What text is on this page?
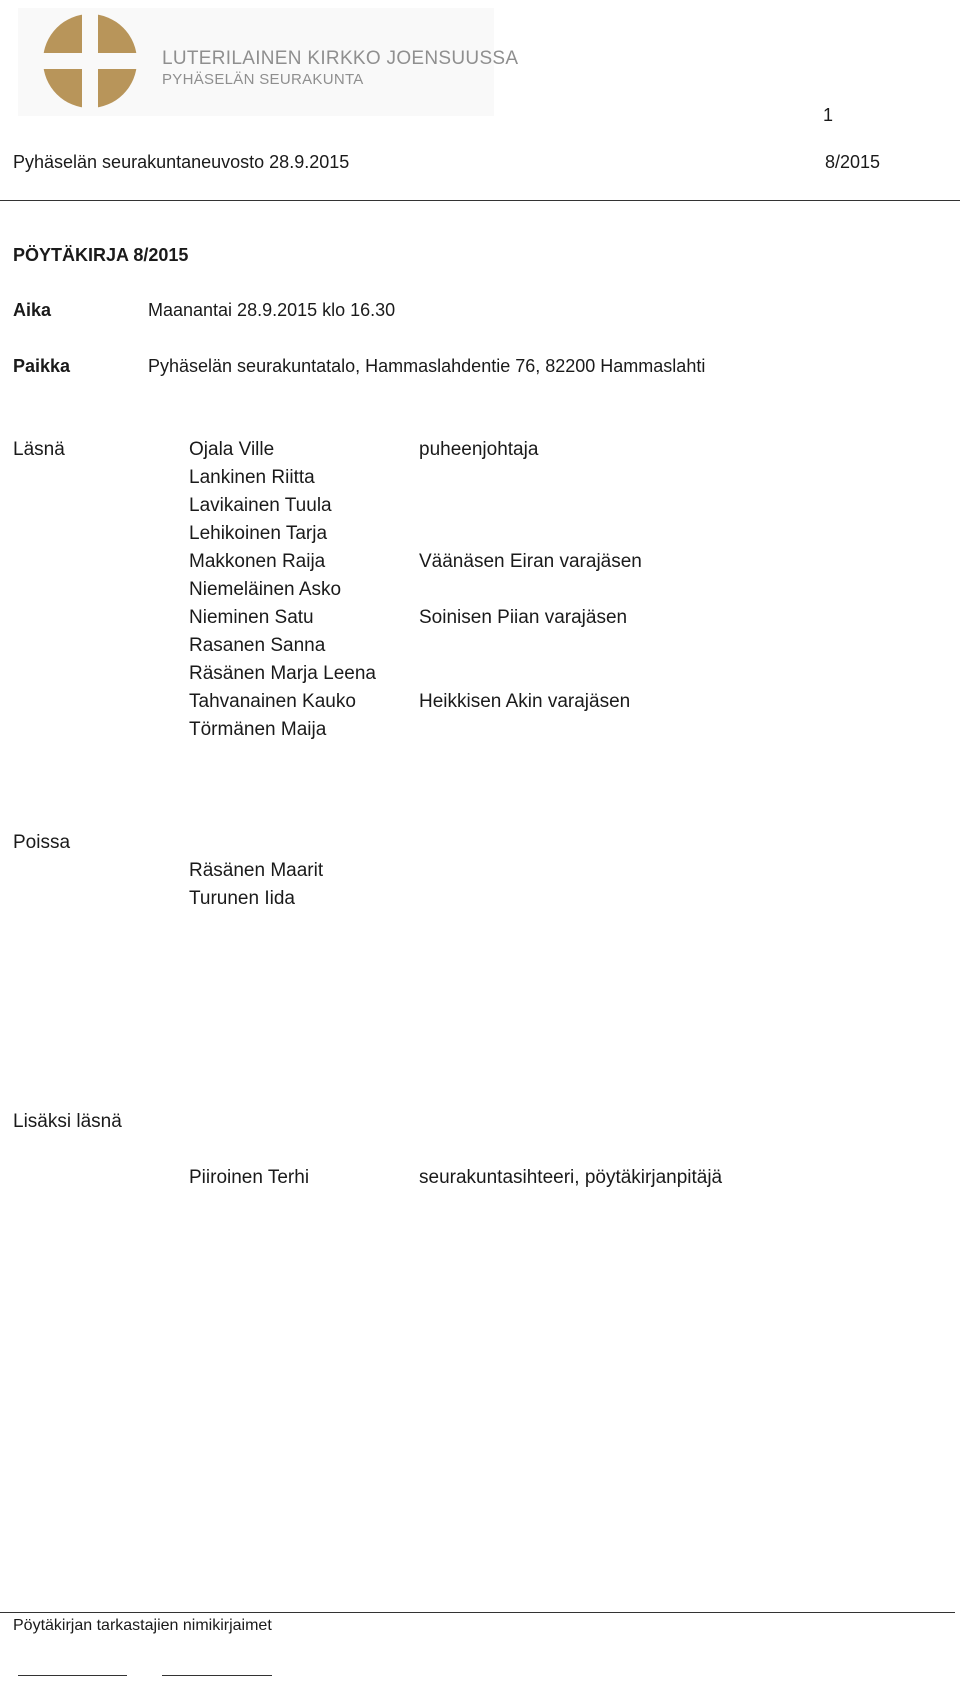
LUTERILAINEN KIRKKO JOENSUUSSA
PYHÄSELÄN SEURAKUNTA
1
Pyhäselän seurakuntaneuvosto 28.9.2015	8/2015
PÖYTÄKIRJA 8/2015
Aika	Maanantai 28.9.2015 klo 16.30
Paikka	Pyhäselän seurakuntatalo, Hammaslahdentie 76, 82200 Hammaslahti
Läsnä	Ojala Ville	puheenjohtaja
Lankinen Riitta
Lavikainen Tuula
Lehikoinen Tarja
Makkonen Raija	Väänäsen Eiran varajäsen
Niemeläinen Asko
Nieminen Satu	Soinisen Piian varajäsen
Rasanen Sanna
Räsänen Marja Leena
Tahvanainen Kauko	Heikkisen Akin varajäsen
Törmänen Maija
Poissa
Räsänen Maarit
Turunen Iida
Lisäksi läsnä
Piiroinen Terhi	seurakuntasihteeri, pöytäkirjanpitäjä
Pöytäkirjan tarkastajien nimikirjaimet
